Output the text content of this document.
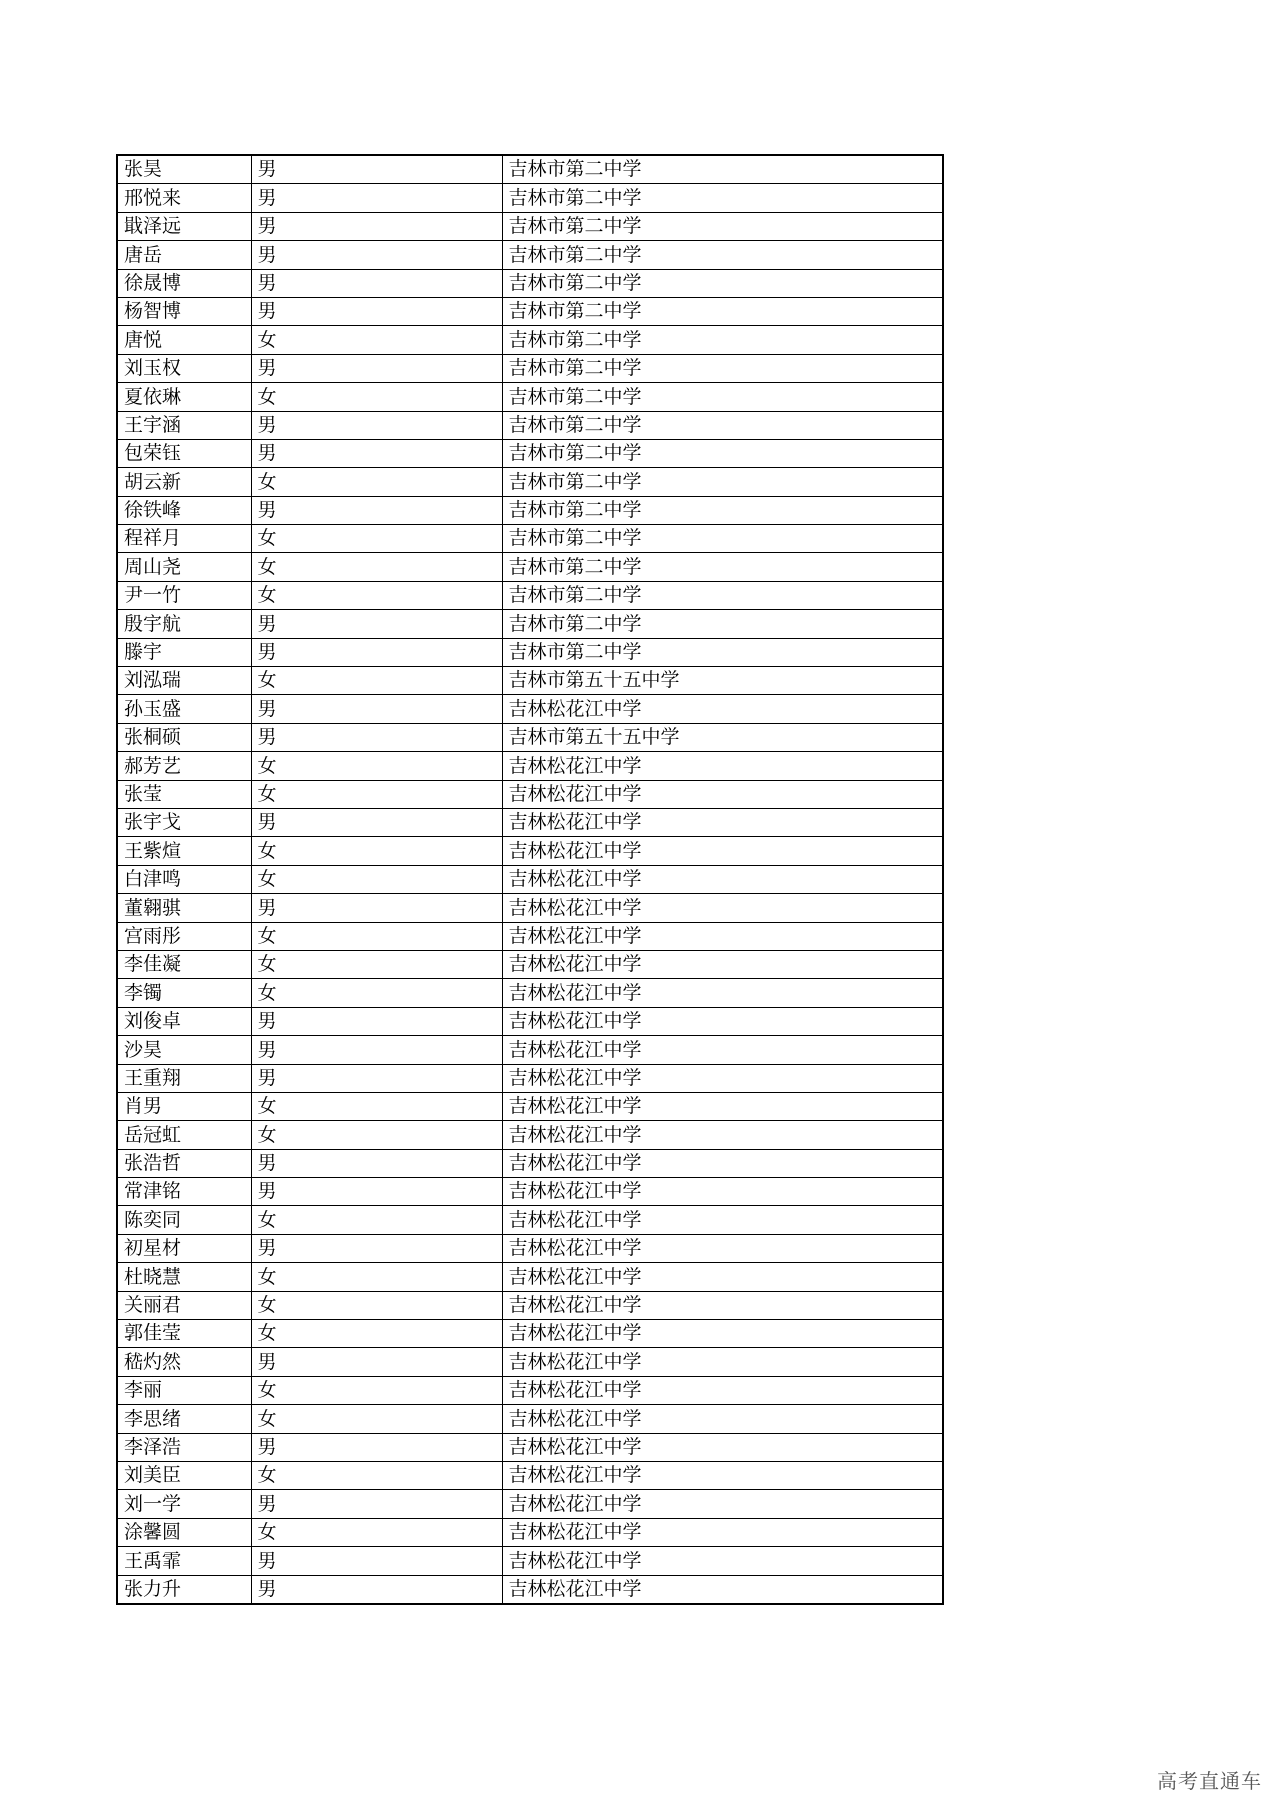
张昊	男	吉林市第二中学
邢悦来	男	吉林市第二中学
戢泽远	男	吉林市第二中学
唐岳	男	吉林市第二中学
徐晟博	男	吉林市第二中学
杨智博	男	吉林市第二中学
唐悦	女	吉林市第二中学
刘玉权	男	吉林市第二中学
夏依琳	女	吉林市第二中学
王宇涵	男	吉林市第二中学
包荣钰	男	吉林市第二中学
胡云新	女	吉林市第二中学
徐铁峰	男	吉林市第二中学
程祥月	女	吉林市第二中学
周山尧	女	吉林市第二中学
尹一竹	女	吉林市第二中学
殷宇航	男	吉林市第二中学
滕宇	男	吉林市第二中学
刘泓瑞	女	吉林市第五十五中学
孙玉盛	男	吉林松花江中学
张桐硕	男	吉林市第五十五中学
郝芳艺	女	吉林松花江中学
张莹	女	吉林松花江中学
张宇戈	男	吉林松花江中学
王紫煊	女	吉林松花江中学
白津鸣	女	吉林松花江中学
董翱骐	男	吉林松花江中学
宫雨彤	女	吉林松花江中学
李佳凝	女	吉林松花江中学
李镯	女	吉林松花江中学
刘俊卓	男	吉林松花江中学
沙昊	男	吉林松花江中学
王重翔	男	吉林松花江中学
肖男	女	吉林松花江中学
岳冠虹	女	吉林松花江中学
张浩哲	男	吉林松花江中学
常津铭	男	吉林松花江中学
陈奕同	女	吉林松花江中学
初星材	男	吉林松花江中学
杜晓慧	女	吉林松花江中学
关丽君	女	吉林松花江中学
郭佳莹	女	吉林松花江中学
嵇灼然	男	吉林松花江中学
李丽	女	吉林松花江中学
李思绪	女	吉林松花江中学
李泽浩	男	吉林松花江中学
刘美臣	女	吉林松花江中学
刘一学	男	吉林松花江中学
涂馨圆	女	吉林松花江中学
王禹霏	男	吉林松花江中学
张力升	男	吉林松花江中学
高考直通车
